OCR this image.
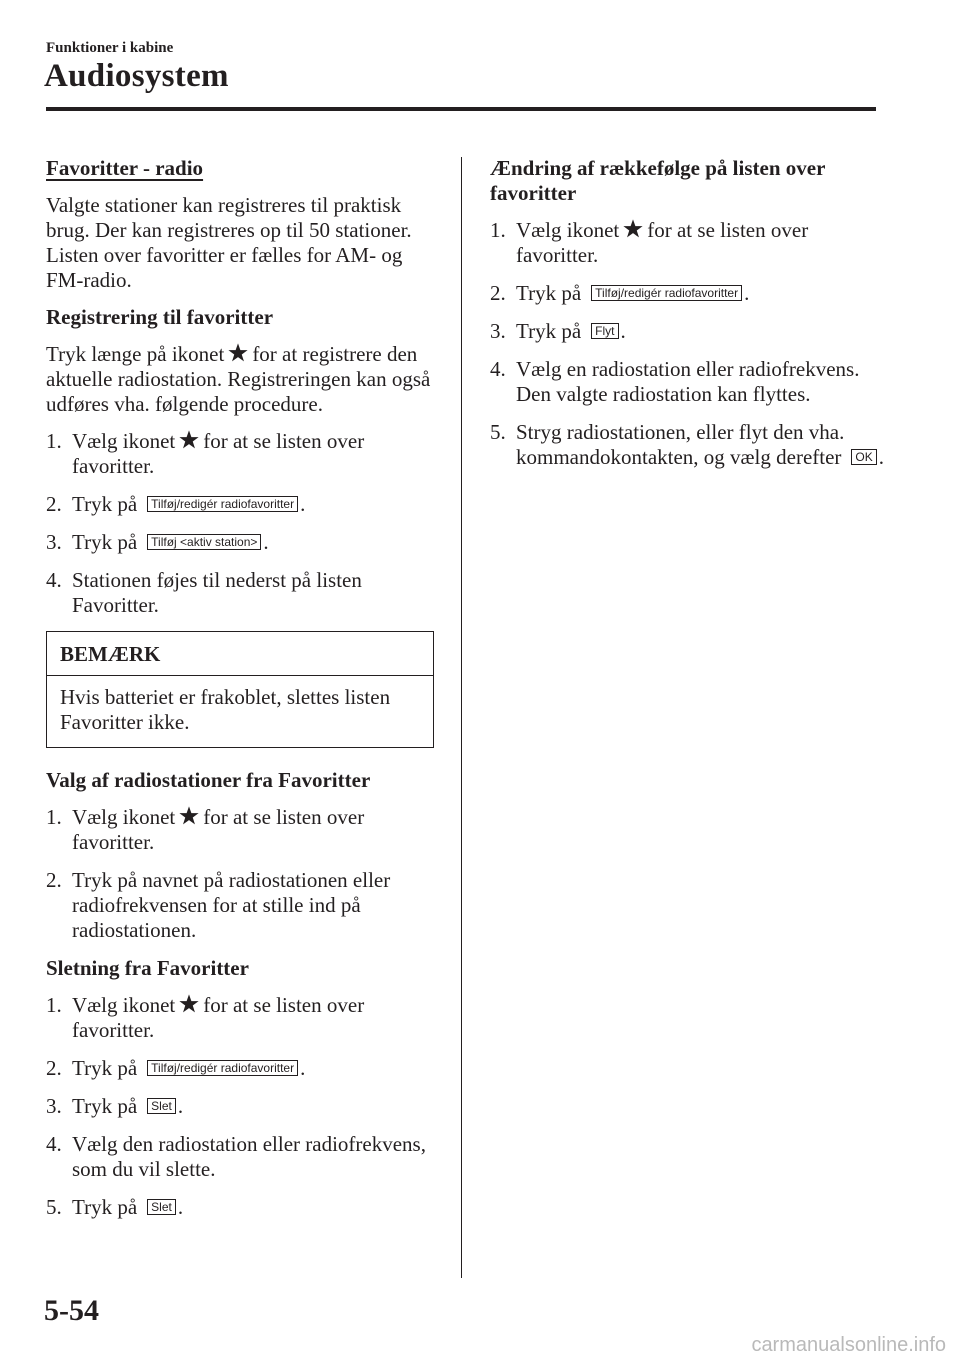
Funktioner i kabine
Audiosystem
Favoritter - radio
Valgte stationer kan registreres til praktisk brug. Der kan registreres op til 50 stationer. Listen over favoritter er fælles for AM- og FM-radio.
Registrering til favoritter
Tryk længe på ikonet for at registrere den aktuelle radiostation. Registreringen kan også udføres vha. følgende procedure.
1. Vælg ikonet for at se listen over favoritter.
2. Tryk på Tilføj/redigér radiofavoritter .
3. Tryk på Tilføj <aktiv station> .
4. Stationen føjes til nederst på listen Favoritter.
BEMÆRK
Hvis batteriet er frakoblet, slettes listen Favoritter ikke.
Valg af radiostationer fra Favoritter
1. Vælg ikonet for at se listen over favoritter.
2. Tryk på navnet på radiostationen eller radiofrekvensen for at stille ind på radiostationen.
Sletning fra Favoritter
1. Vælg ikonet for at se listen over favoritter.
2. Tryk på Tilføj/redigér radiofavoritter .
3. Tryk på Slet .
4. Vælg den radiostation eller radiofrekvens, som du vil slette.
5. Tryk på Slet .
Ændring af rækkefølge på listen over favoritter
1. Vælg ikonet for at se listen over favoritter.
2. Tryk på Tilføj/redigér radiofavoritter .
3. Tryk på Flyt .
4. Vælg en radiostation eller radiofrekvens. Den valgte radiostation kan flyttes.
5. Stryg radiostationen, eller flyt den vha. kommandokontakten, og vælg derefter OK .
5-54
carmanualsonline.info
